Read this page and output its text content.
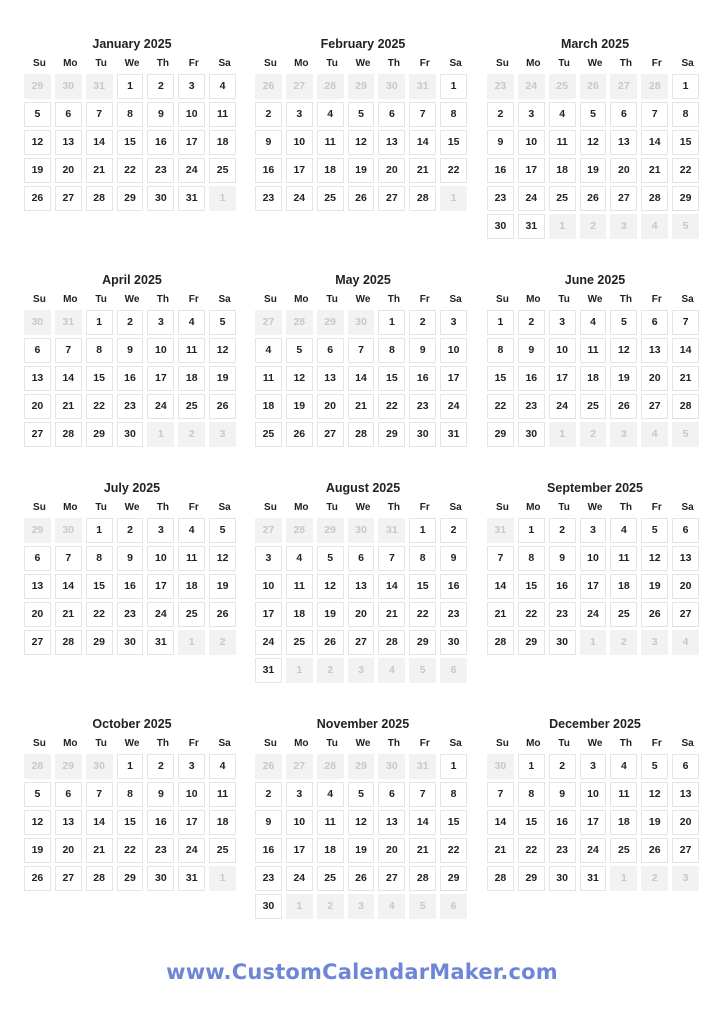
January 2025
Su	Mo	Tu	We	Th	Fr	Sa
29	30	31	1	2	3	4
5	6	7	8	9	10	11
12	13	14	15	16	17	18
19	20	21	22	23	24	25
26	27	28	29	30	31	1
February 2025
Su	Mo	Tu	We	Th	Fr	Sa
26	27	28	29	30	31	1
2	3	4	5	6	7	8
9	10	11	12	13	14	15
16	17	18	19	20	21	22
23	24	25	26	27	28	1
March 2025
Su	Mo	Tu	We	Th	Fr	Sa
23	24	25	26	27	28	1
2	3	4	5	6	7	8
9	10	11	12	13	14	15
16	17	18	19	20	21	22
23	24	25	26	27	28	29
30	31	1	2	3	4	5
April 2025
Su	Mo	Tu	We	Th	Fr	Sa
30	31	1	2	3	4	5
6	7	8	9	10	11	12
13	14	15	16	17	18	19
20	21	22	23	24	25	26
27	28	29	30	1	2	3
May 2025
Su	Mo	Tu	We	Th	Fr	Sa
27	28	29	30	1	2	3
4	5	6	7	8	9	10
11	12	13	14	15	16	17
18	19	20	21	22	23	24
25	26	27	28	29	30	31
June 2025
Su	Mo	Tu	We	Th	Fr	Sa
1	2	3	4	5	6	7
8	9	10	11	12	13	14
15	16	17	18	19	20	21
22	23	24	25	26	27	28
29	30	1	2	3	4	5
July 2025
Su	Mo	Tu	We	Th	Fr	Sa
29	30	1	2	3	4	5
6	7	8	9	10	11	12
13	14	15	16	17	18	19
20	21	22	23	24	25	26
27	28	29	30	31	1	2
August 2025
Su	Mo	Tu	We	Th	Fr	Sa
27	28	29	30	31	1	2
3	4	5	6	7	8	9
10	11	12	13	14	15	16
17	18	19	20	21	22	23
24	25	26	27	28	29	30
31	1	2	3	4	5	6
September 2025
Su	Mo	Tu	We	Th	Fr	Sa
31	1	2	3	4	5	6
7	8	9	10	11	12	13
14	15	16	17	18	19	20
21	22	23	24	25	26	27
28	29	30	1	2	3	4
October 2025
Su	Mo	Tu	We	Th	Fr	Sa
28	29	30	1	2	3	4
5	6	7	8	9	10	11
12	13	14	15	16	17	18
19	20	21	22	23	24	25
26	27	28	29	30	31	1
November 2025
Su	Mo	Tu	We	Th	Fr	Sa
26	27	28	29	30	31	1
2	3	4	5	6	7	8
9	10	11	12	13	14	15
16	17	18	19	20	21	22
23	24	25	26	27	28	29
30	1	2	3	4	5	6
December 2025
Su	Mo	Tu	We	Th	Fr	Sa
30	1	2	3	4	5	6
7	8	9	10	11	12	13
14	15	16	17	18	19	20
21	22	23	24	25	26	27
28	29	30	31	1	2	3
www.CustomCalendarMaker.com
